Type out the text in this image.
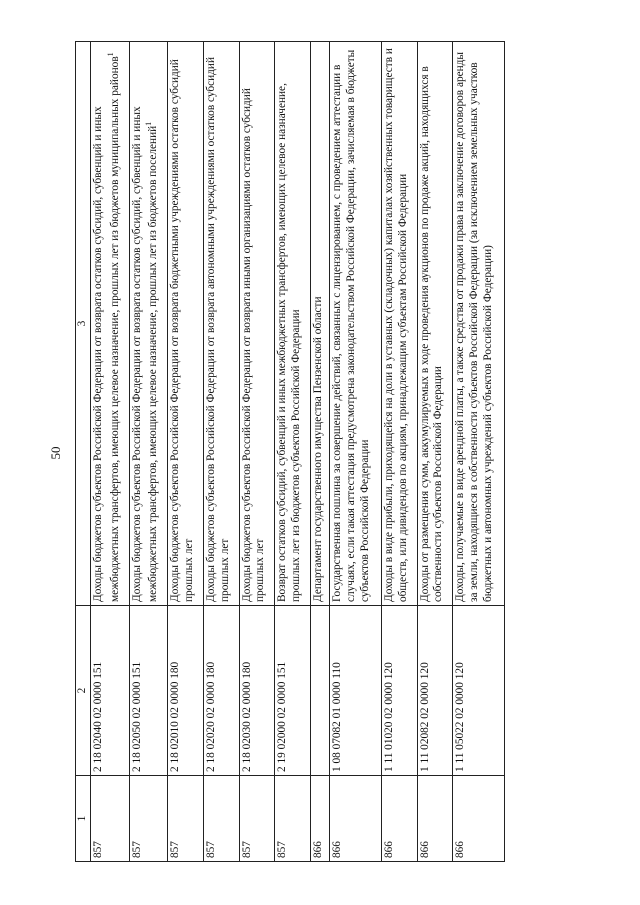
50
1	2	3
857	2 18 02040 02 0000 151	Доходы бюджетов субъектов Российской Федерации от возврата остатков субсидий, субвенций и иных межбюджетных трансфертов, имеющих целевое назначение, прошлых лет из бюджетов муниципальных районов$^1$
857	2 18 02050 02 0000 151	Доходы бюджетов субъектов Российской Федерации от возврата остатков субсидий, субвенций и иных межбюджетных трансфертов, имеющих целевое назначение, прошлых лет из бюджетов поселений$^1$
857	2 18 02010 02 0000 180	Доходы бюджетов субъектов Российской Федерации от возврата бюджетными учреждениями остатков субсидий прошлых лет
857	2 18 02020 02 0000 180	Доходы бюджетов субъектов Российской Федерации от возврата автономными учреждениями остатков субсидий прошлых лет
857	2 18 02030 02 0000 180	Доходы бюджетов субъектов Российской Федерации от возврата иными организациями остатков субсидий прошлых лет
857	2 19 02000 02 0000 151	Возврат остатков субсидий, субвенций и иных межбюджетных трансфертов, имеющих целевое назначение, прошлых лет из бюджетов субъектов Российской Федерации
866		Департамент государственного имущества Пензенской области
866	1 08 07082 01 0000 110	Государственная пошлина за совершение действий, связанных с лицензированием, с проведением аттестации в случаях, если такая аттестация предусмотрена законодательством Российской Федерации, зачисляемая в бюджеты субъектов Российской Федерации
866	1 11 01020 02 0000 120	Доходы в виде прибыли, приходящейся на доли в уставных (складочных) капиталах хозяйственных товариществ и обществ, или дивидендов по акциям, принадлежащим субъектам Российской Федерации
866	1 11 02082 02 0000 120	Доходы от размещения сумм, аккумулируемых в ходе проведения аукционов по продаже акций, находящихся в собственности субъектов Российской Федерации
866	1 11 05022 02 0000 120	Доходы, получаемые в виде арендной платы, а также средства от продажи права на заключение договоров аренды за земли, находящиеся в собственности субъектов Российской Федерации (за исключением земельных участков бюджетных и автономных учреждений субъектов Российской Федерации)
